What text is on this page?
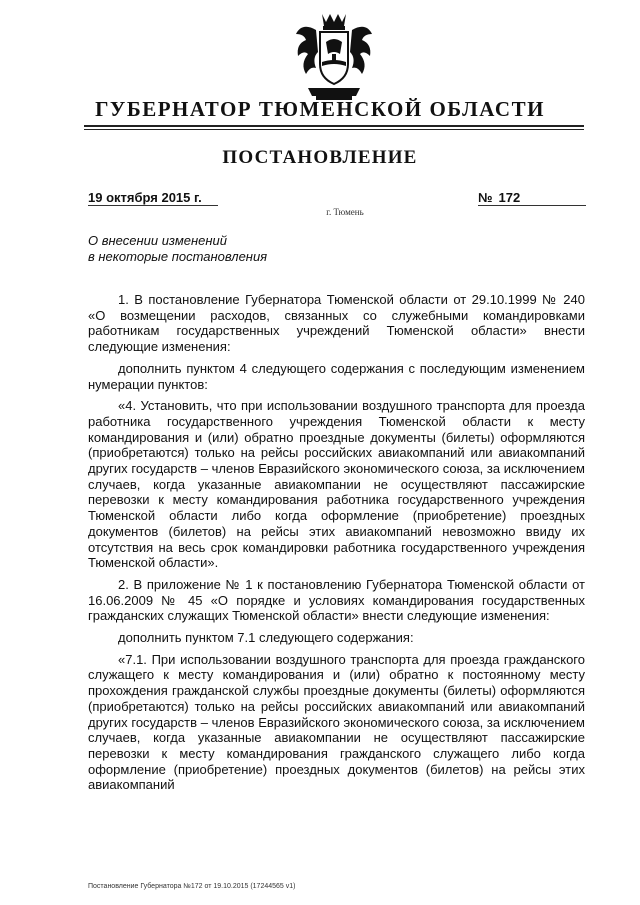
ГУБЕРНАТОР ТЮМЕНСКОЙ ОБЛАСТИ
ПОСТАНОВЛЕНИЕ
19 октября 2015 г.	№ 172
г. Тюмень
О внесении изменений
в некоторые постановления

1. В постановление Губернатора Тюменской области от 29.10.1999 № 240 «О возмещении расходов, связанных со служебными командировками работникам государственных учреждений Тюменской области» внести следующие изменения:

дополнить пунктом 4 следующего содержания с последующим изменением нумерации пунктов:

«4. Установить, что при использовании воздушного транспорта для проезда работника государственного учреждения Тюменской области к месту командирования и (или) обратно проездные документы (билеты) оформляются (приобретаются) только на рейсы российских авиакомпаний или авиакомпаний других государств – членов Евразийского экономического союза, за исключением случаев, когда указанные авиакомпании не осуществляют пассажирские перевозки к месту командирования работника государственного учреждения Тюменской области либо когда оформление (приобретение) проездных документов (билетов) на рейсы этих авиакомпаний невозможно ввиду их отсутствия на весь срок командировки работника государственного учреждения Тюменской области».

2. В приложение № 1 к постановлению Губернатора Тюменской области от 16.06.2009 № 45 «О порядке и условиях командирования государственных гражданских служащих Тюменской области» внести следующие изменения:

дополнить пунктом 7.1 следующего содержания:

«7.1. При использовании воздушного транспорта для проезда гражданского служащего к месту командирования и (или) обратно к постоянному месту прохождения гражданской службы проездные документы (билеты) оформляются (приобретаются) только на рейсы российских авиакомпаний или авиакомпаний других государств – членов Евразийского экономического союза, за исключением случаев, когда указанные авиакомпании не осуществляют пассажирские перевозки к месту командирования гражданского служащего либо когда оформление (приобретение) проездных документов (билетов) на рейсы этих авиакомпаний

Постановление Губернатора №172 от 19.10.2015 (17244565 v1)
